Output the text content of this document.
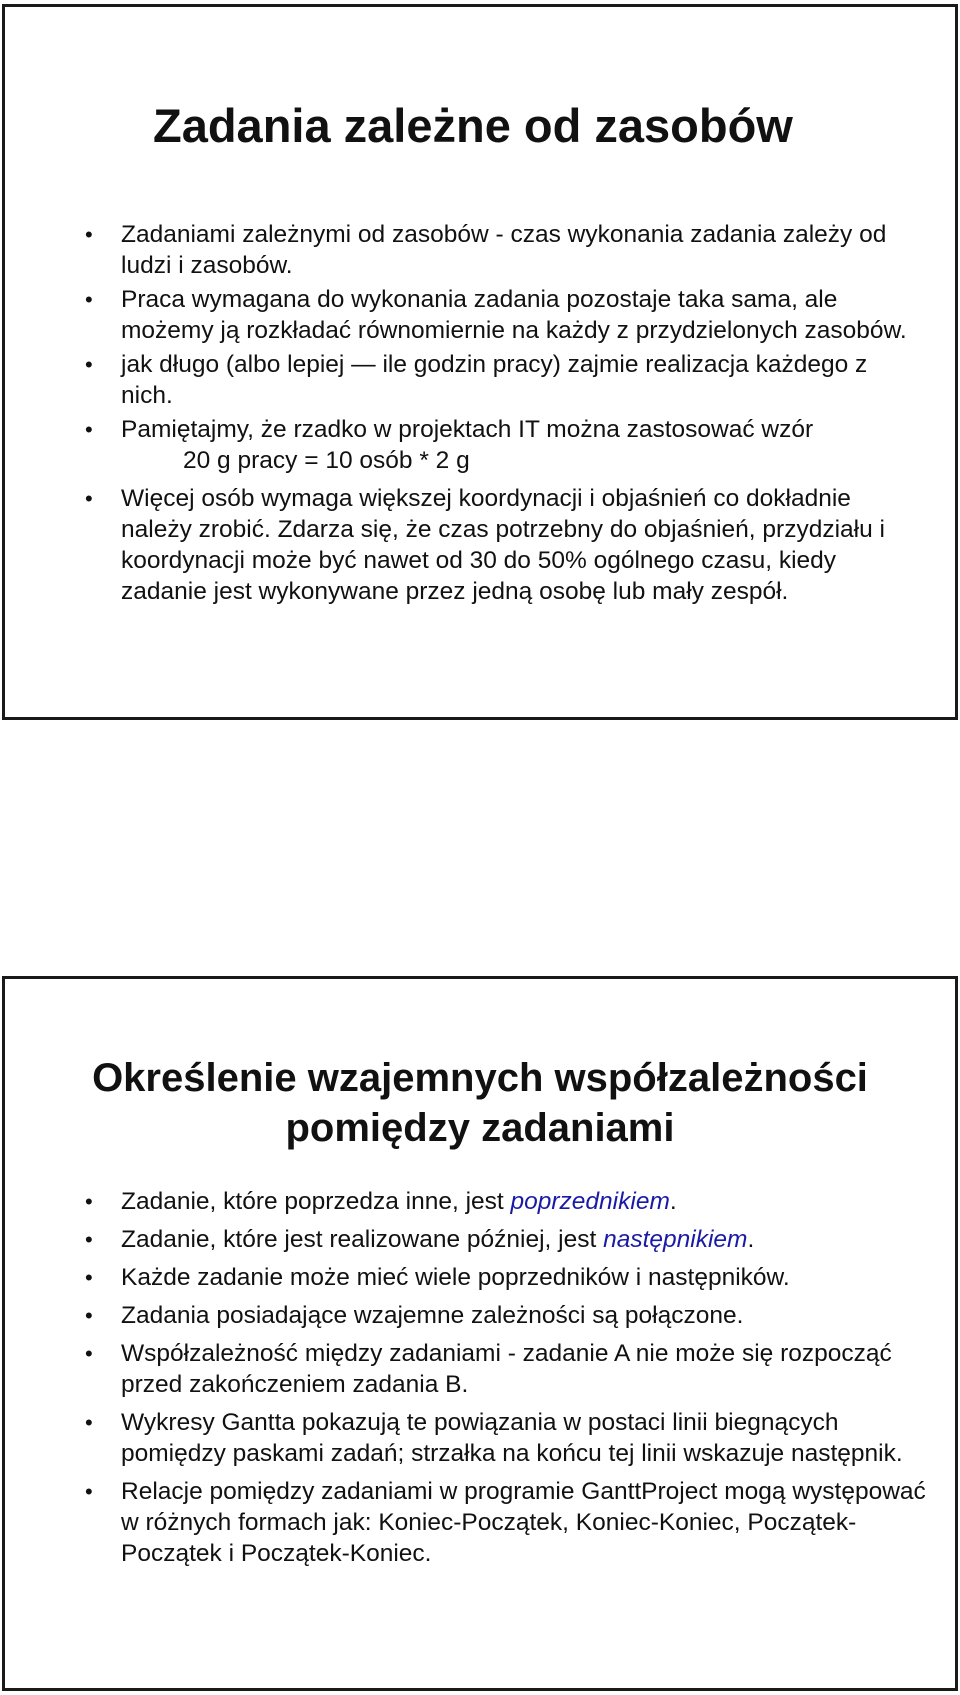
Zadania zależne od zasobów
• Zadaniami zależnymi od zasobów - czas wykonania zadania zależy od ludzi i zasobów.
• Praca wymagana do wykonania zadania pozostaje taka sama, ale możemy ją rozkładać równomiernie na każdy z przydzielonych zasobów.
• jak długo (albo lepiej — ile godzin pracy) zajmie realizacja każdego z nich.
• Pamiętajmy, że rzadko w projektach IT można zastosować wzór
20 g pracy = 10 osób * 2 g
• Więcej osób wymaga większej koordynacji i objaśnień co dokładnie należy zrobić. Zdarza się, że czas potrzebny do objaśnień, przydziału i koordynacji może być nawet od 30 do 50% ogólnego czasu, kiedy zadanie jest wykonywane przez jedną osobę lub mały zespół.
Określenie wzajemnych współzależności pomiędzy zadaniami
• Zadanie, które poprzedza inne, jest poprzednikiem.
• Zadanie, które jest realizowane później, jest następnikiem.
• Każde zadanie może mieć wiele poprzedników i następników.
• Zadania posiadające wzajemne zależności są połączone.
• Współzależność między zadaniami - zadanie A nie może się rozpocząć przed zakończeniem zadania B.
• Wykresy Gantta pokazują te powiązania w postaci linii biegnących pomiędzy paskami zadań; strzałka na końcu tej linii wskazuje następnik.
• Relacje pomiędzy zadaniami w programie GanttProject mogą występować w różnych formach jak: Koniec-Początek, Koniec-Koniec, Początek-Początek i Początek-Koniec.
